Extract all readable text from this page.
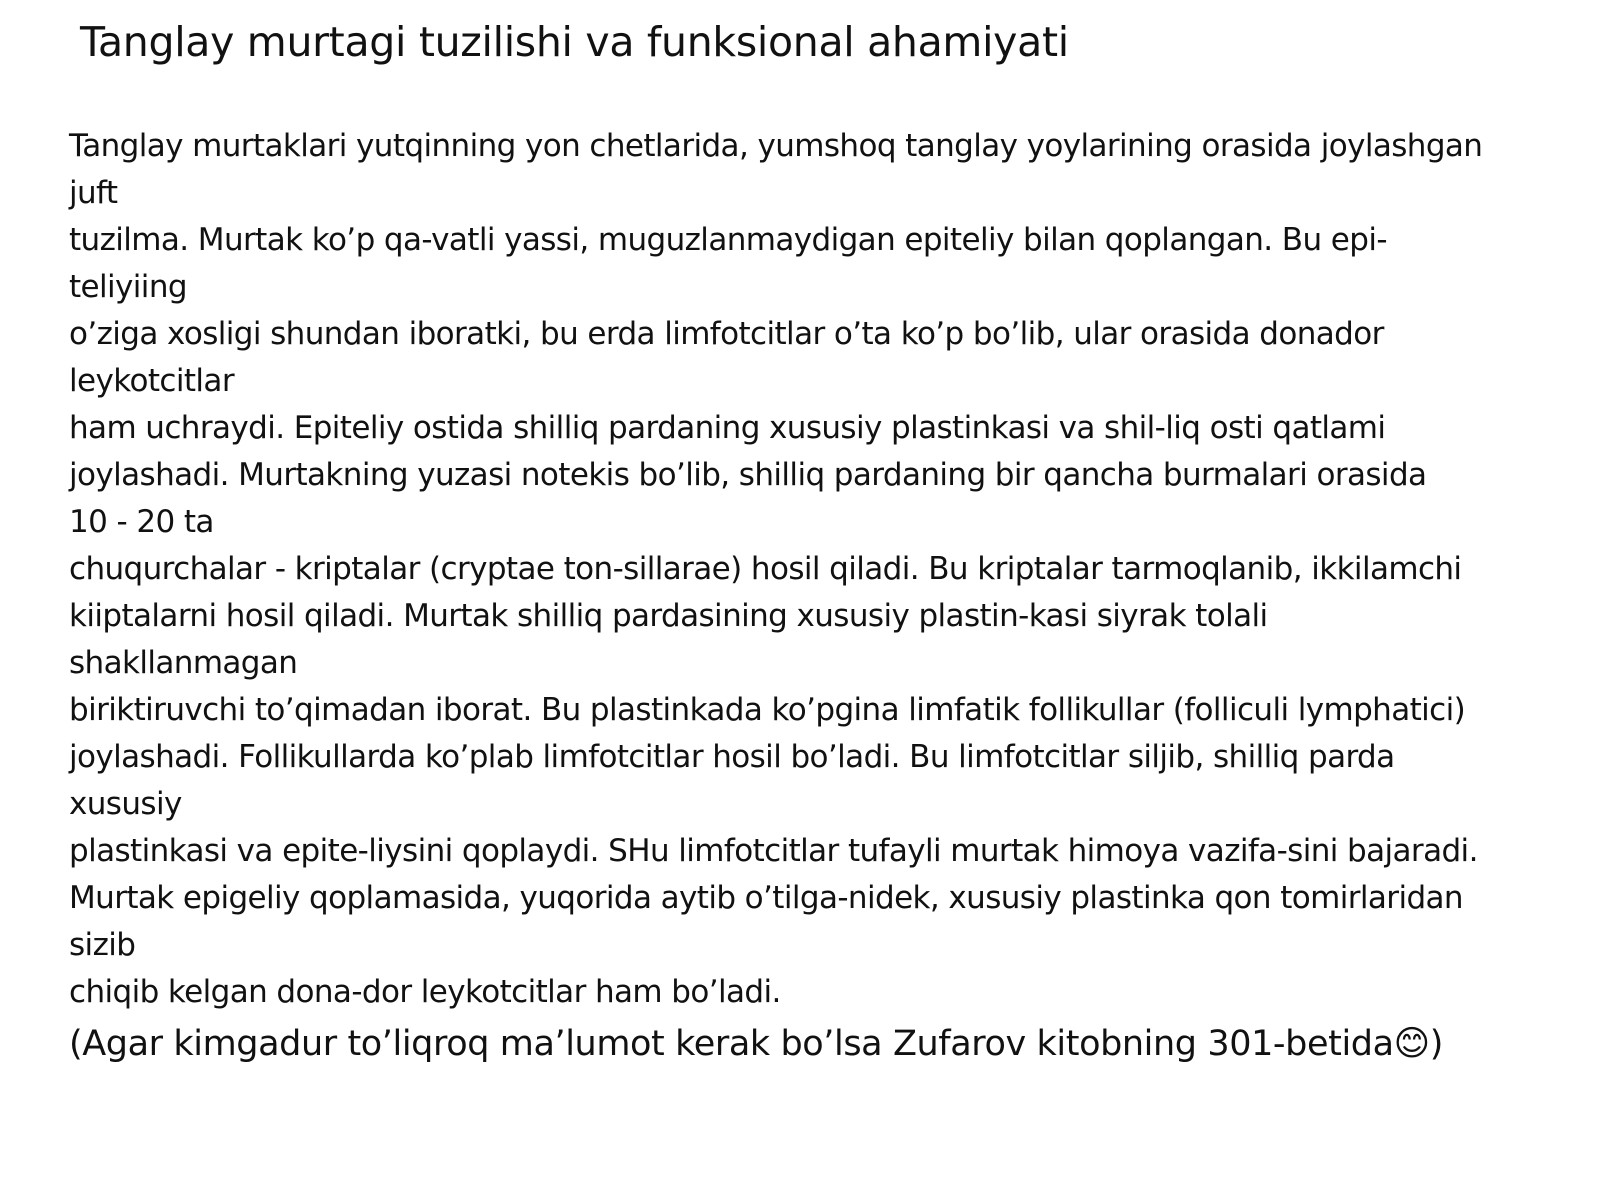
Tanglay murtagi tuzilishi va funksional ahamiyati
Tanglay murtaklari yutqinning yon chetlarida, yumshoq tanglay yoylarining orasida joylashgan
juft
tuzilma. Murtak ko’p qa-vatli yassi, muguzlanmaydigan epiteliy bilan qoplangan. Bu epi-
teliyiing
o’ziga xosligi shundan iboratki, bu erda limfotcitlar o’ta ko’p bo’lib, ular orasida donador
leykotcitlar
ham uchraydi. Epiteliy ostida shilliq pardaning xususiy plastinkasi va shil-liq osti qatlami
joylashadi. Murtakning yuzasi notekis bo’lib, shilliq pardaning bir qancha burmalari orasida
10 - 20 ta
chuqurchalar - kriptalar (cryptae ton-sillarae) hosil qiladi. Bu kriptalar tarmoqlanib, ikkilamchi
kiiptalarni hosil qiladi. Murtak shilliq pardasining xususiy plastin-kasi siyrak tolali
shakllanmagan
biriktiruvchi to’qimadan iborat. Bu plastinkada ko’pgina limfatik follikullar (folliculi lymphatici)
joylashadi. Follikullarda ko’plab limfotcitlar hosil bo’ladi. Bu limfotcitlar siljib, shilliq parda
xususiy
plastinkasi va epite-liysini qoplaydi. SHu limfotcitlar tufayli murtak himoya vazifa-sini bajaradi.
Murtak epigeliy qoplamasida, yuqorida aytib o’tilga-nidek, xususiy plastinka qon tomirlaridan
sizib
chiqib kelgan dona-dor leykotcitlar ham bo’ladi.
(Agar kimgadur to’liqroq ma’lumot kerak bo’lsa Zufarov kitobning 301-betida😊)
